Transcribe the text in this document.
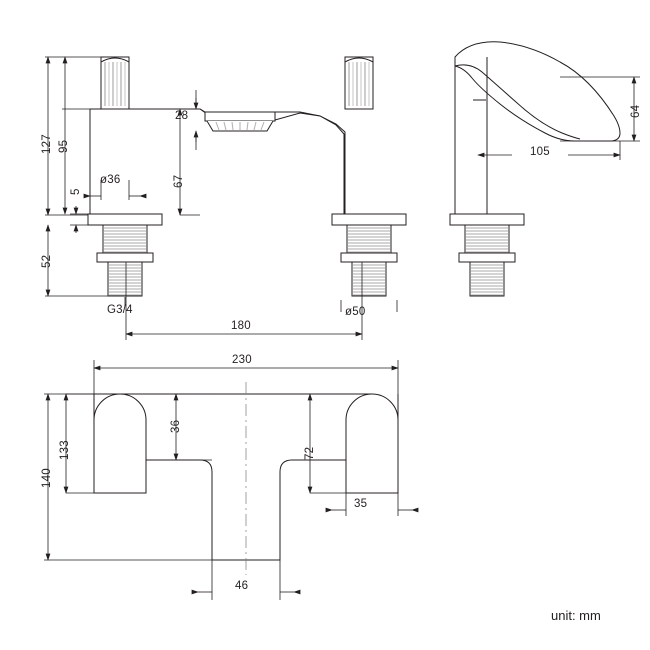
127 95
5
52
28
67
ø36
G3/4	ø50
180
105
64
230
140
133
36
72
35
46
unit: mm
